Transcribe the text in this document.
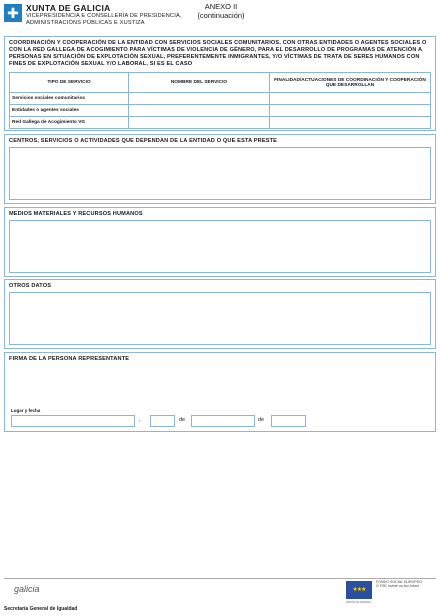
✚ XUNTA DE GALICIA
VICEPRESIDENCIA E CONSELLERÍA DE PRESIDENCIA,
ADMINISTRACIÓNS PÚBLICAS E XUSTIZA
ANEXO II
(continuación)
COORDINACIÓN Y COOPERACIÓN DE LA ENTIDAD CON SERVICIOS SOCIALES COMUNITARIOS, CON OTRAS ENTIDADES O AGENTES SOCIALES O CON LA RED GALLEGA DE ACOGIMIENTO PARA VÍCTIMAS DE VIOLENCIA DE GÉNERO, PARA EL DESARROLLO DE PROGRAMAS DE ATENCIÓN A PERSONAS EN SITUACIÓN DE EXPLOTACIÓN SEXUAL, PREFERENTEMENTE INMIGRANTES, Y/O VÍCTIMAS DE TRATA DE SERES HUMANOS CON FINES DE EXPLOTACIÓN SEXUAL Y/O LABORAL, SI ES EL CASO
TIPO DE SERVICIO	NOMBRE DEL SERVICIO	FINALIDAD/ACTUACIONES DE COORDINACIÓN Y COOPERACIÓN QUE DESARROLLAN
Servicios sociales comunitarios		
Entidades o agentes sociales		
Red Gallega de Acogimiento VG		
CENTROS, SERVICIOS O ACTIVIDADES QUE DEPENDAN DE LA ENTIDAD O QUE ESTA PRESTE
MEDIOS MATERIALES Y RECURSOS HUMANOS
OTROS DATOS
FIRMA DE LA PERSONA REPRESENTANTE
Lugar y fecha
,	de	de
galicia	★★★
FONDO SOCIAL EUROPEO
O FSE inviste no teu futuro
UNIÓN EUROPEA
Secretaría General de Igualdad
